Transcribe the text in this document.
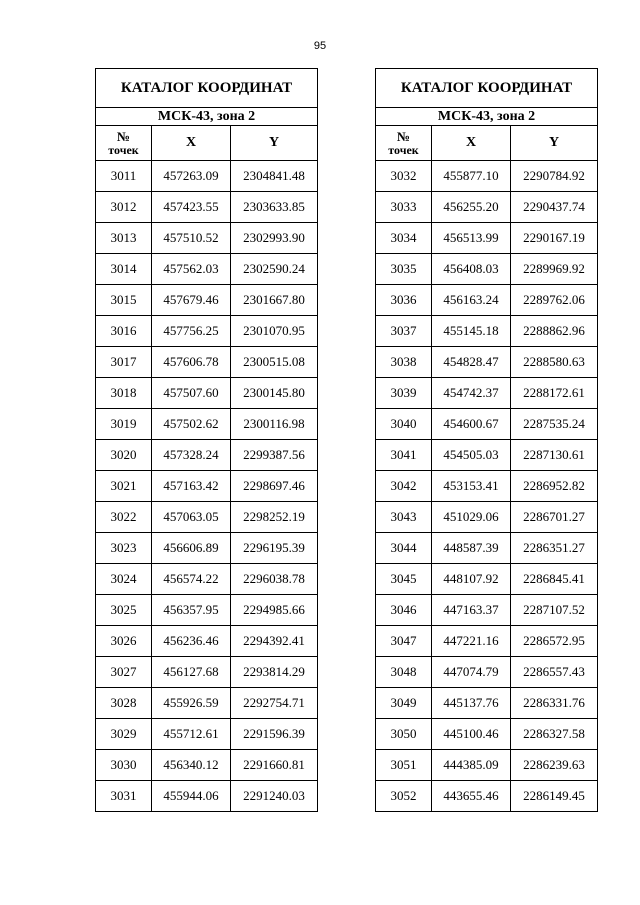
95
КАТАЛОГ КООРДИНАТ		
МСК-43, зона 2		

№
точек	X	Y
3011	457263.09	2304841.48
3012	457423.55	2303633.85
3013	457510.52	2302993.90
3014	457562.03	2302590.24
3015	457679.46	2301667.80
3016	457756.25	2301070.95
3017	457606.78	2300515.08
3018	457507.60	2300145.80
3019	457502.62	2300116.98
3020	457328.24	2299387.56
3021	457163.42	2298697.46
3022	457063.05	2298252.19
3023	456606.89	2296195.39
3024	456574.22	2296038.78
3025	456357.95	2294985.66
3026	456236.46	2294392.41
3027	456127.68	2293814.29
3028	455926.59	2292754.71
3029	455712.61	2291596.39
3030	456340.12	2291660.81
3031	455944.06	2291240.03
КАТАЛОГ КООРДИНАТ		
МСК-43, зона 2		

№
точек	X	Y
3032	455877.10	2290784.92
3033	456255.20	2290437.74
3034	456513.99	2290167.19
3035	456408.03	2289969.92
3036	456163.24	2289762.06
3037	455145.18	2288862.96
3038	454828.47	2288580.63
3039	454742.37	2288172.61
3040	454600.67	2287535.24
3041	454505.03	2287130.61
3042	453153.41	2286952.82
3043	451029.06	2286701.27
3044	448587.39	2286351.27
3045	448107.92	2286845.41
3046	447163.37	2287107.52
3047	447221.16	2286572.95
3048	447074.79	2286557.43
3049	445137.76	2286331.76
3050	445100.46	2286327.58
3051	444385.09	2286239.63
3052	443655.46	2286149.45
